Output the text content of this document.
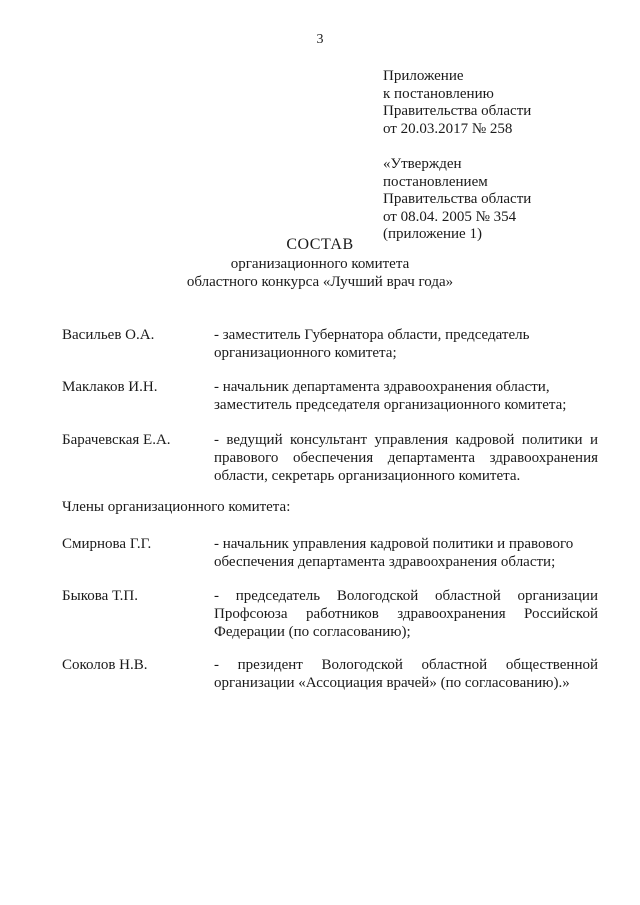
3
Приложение
к постановлению
Правительства области
от 20.03.2017 № 258
«Утвержден
постановлением
Правительства области
от 08.04. 2005 № 354
(приложение 1)
СОСТАВ
организационного комитета
областного конкурса «Лучший врач года»
Васильев О.А.	- заместитель Губернатора области, председатель организационного комитета;
Маклаков И.Н.	- начальник департамента здравоохранения области, заместитель председателя организационного комитета;
Барачевская Е.А.	- ведущий консультант управления кадровой политики и правового обеспечения департамента здравоохранения области, секретарь организационного комитета.
Члены организационного комитета:
Смирнова Г.Г.	- начальник управления кадровой политики и правового обеспечения департамента здравоохранения области;
Быкова Т.П.	- председатель Вологодской областной организации Профсоюза работников здравоохранения Российской Федерации (по согласованию);
Соколов Н.В.	- президент Вологодской областной общественной организации «Ассоциация врачей» (по согласованию).»
